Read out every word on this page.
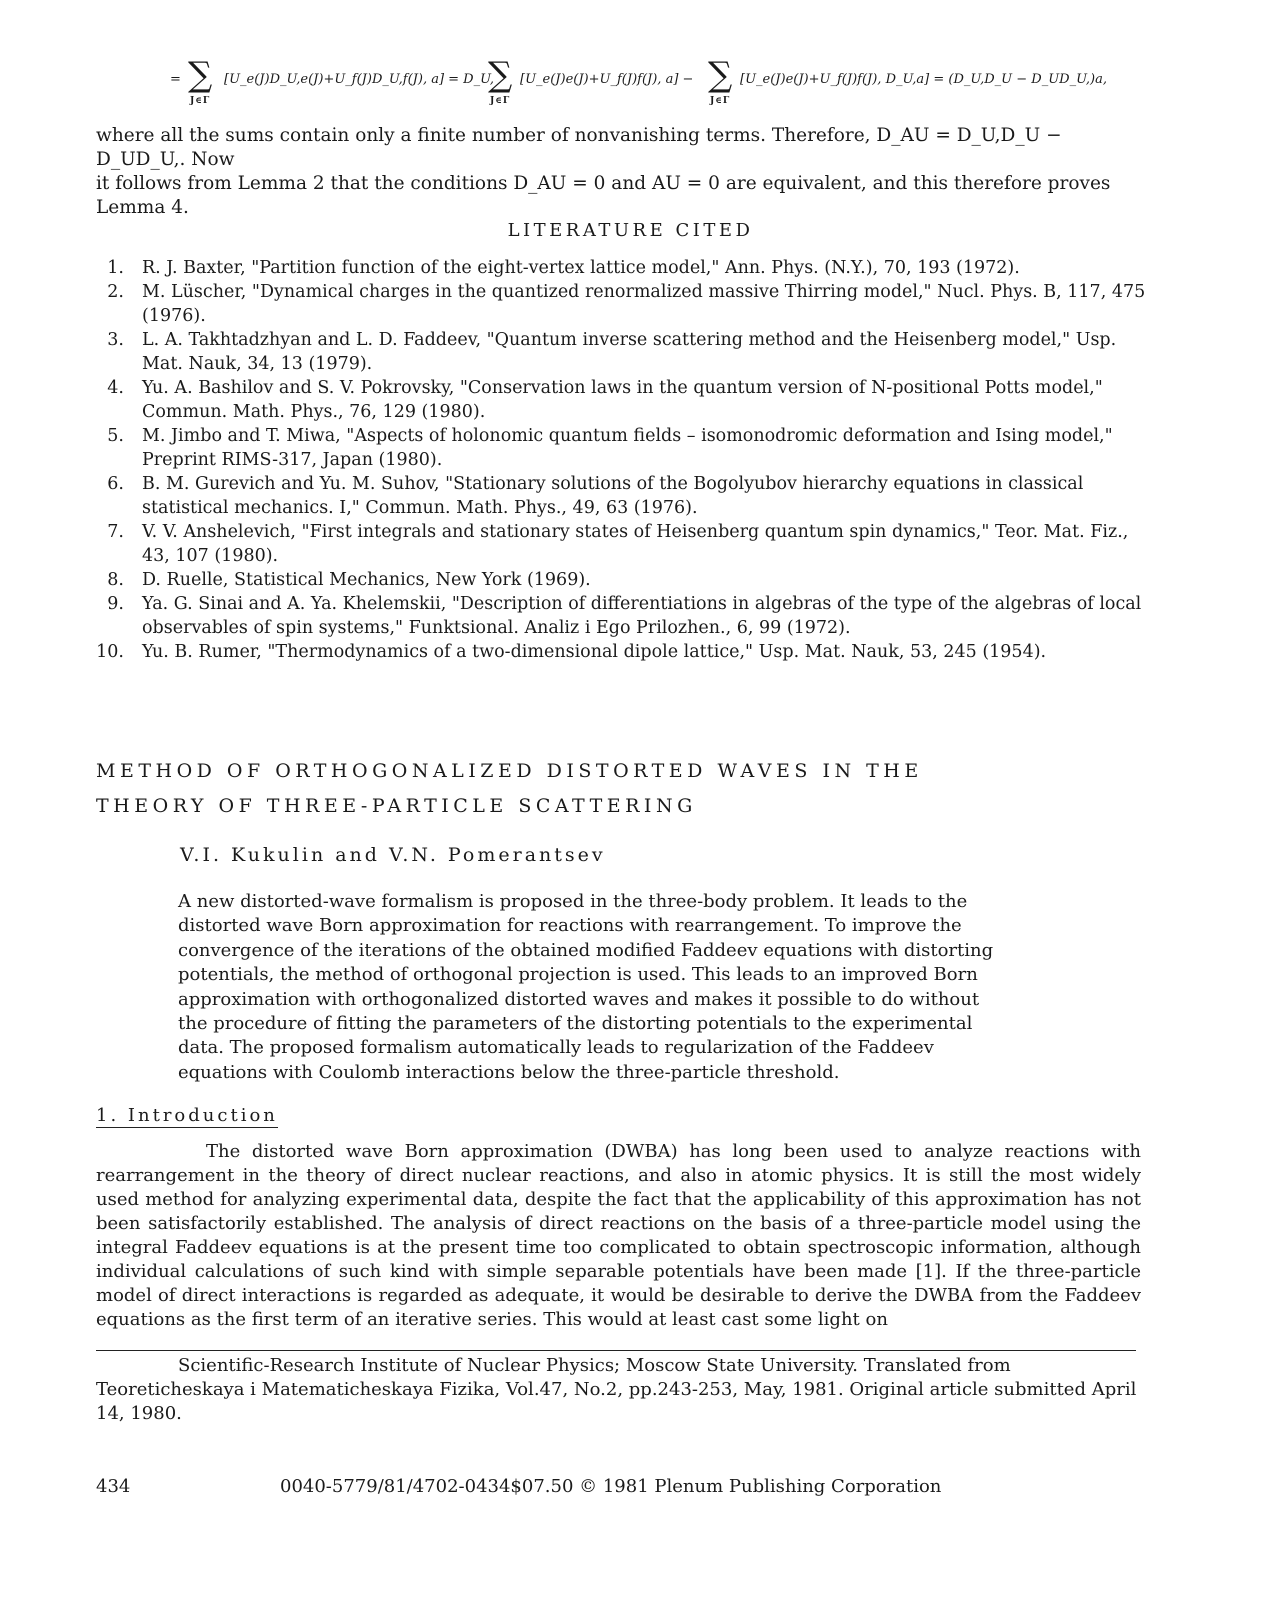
= ∑
J∈Γ
[U_e(J)D_U,e(J)+U_f(J)D_U,f(J), a] = D_U,
∑
J∈Γ
[U_e(J)e(J)+U_f(J)f(J), a] − ∑
J∈Γ
[U_e(J)e(J)+U_f(J)f(J), D_U,a] = (D_U,D_U − D_UD_U,)a,
where all the sums contain only a finite number of nonvanishing terms. Therefore, D_AU = D_U,D_U − D_UD_U,. Now
it follows from Lemma 2 that the conditions D_AU = 0 and AU = 0 are equivalent, and this therefore proves
Lemma 4.
LITERATURE CITED
1. R. J. Baxter, "Partition function of the eight-vertex lattice model," Ann. Phys. (N.Y.), 70, 193 (1972).
2. M. Lüscher, "Dynamical charges in the quantized renormalized massive Thirring model," Nucl. Phys. B, 117, 475 (1976).
3. L. A. Takhtadzhyan and L. D. Faddeev, "Quantum inverse scattering method and the Heisenberg model," Usp. Mat. Nauk, 34, 13 (1979).
4. Yu. A. Bashilov and S. V. Pokrovsky, "Conservation laws in the quantum version of N-positional Potts model," Commun. Math. Phys., 76, 129 (1980).
5. M. Jimbo and T. Miwa, "Aspects of holonomic quantum fields – isomonodromic deformation and Ising model," Preprint RIMS-317, Japan (1980).
6. B. M. Gurevich and Yu. M. Suhov, "Stationary solutions of the Bogolyubov hierarchy equations in classical statistical mechanics. I," Commun. Math. Phys., 49, 63 (1976).
7. V. V. Anshelevich, "First integrals and stationary states of Heisenberg quantum spin dynamics," Teor. Mat. Fiz., 43, 107 (1980).
8. D. Ruelle, Statistical Mechanics, New York (1969).
9. Ya. G. Sinai and A. Ya. Khelemskii, "Description of differentiations in algebras of the type of the algebras of local observables of spin systems," Funktsional. Analiz i Ego Prilozhen., 6, 99 (1972).
10. Yu. B. Rumer, "Thermodynamics of a two-dimensional dipole lattice," Usp. Mat. Nauk, 53, 245 (1954).
METHOD OF ORTHOGONALIZED DISTORTED WAVES IN THE
THEORY OF THREE-PARTICLE SCATTERING
V.I. Kukulin and V.N. Pomerantsev
A new distorted-wave formalism is proposed in the three-body problem. It leads to the distorted wave Born approximation for reactions with rearrangement. To improve the convergence of the iterations of the obtained modified Faddeev equations with distorting potentials, the method of orthogonal projection is used. This leads to an improved Born approximation with orthogonalized distorted waves and makes it possible to do without the procedure of fitting the parameters of the distorting potentials to the experimental data. The proposed formalism automatically leads to regularization of the Faddeev equations with Coulomb interactions below the three-particle threshold.
1. Introduction

The distorted wave Born approximation (DWBA) has long been used to analyze reactions with rearrangement in the theory of direct nuclear reactions, and also in atomic physics. It is still the most widely used method for analyzing experimental data, despite the fact that the applicability of this approximation has not been satisfactorily established. The analysis of direct reactions on the basis of a three-particle model using the integral Faddeev equations is at the present time too complicated to obtain spectroscopic information, although individual calculations of such kind with simple separable potentials have been made [1]. If the three-particle model of direct interactions is regarded as adequate, it would be desirable to derive the DWBA from the Faddeev equations as the first term of an iterative series. This would at least cast some light on

Scientific-Research Institute of Nuclear Physics; Moscow State University. Translated from Teoreticheskaya i Matematicheskaya Fizika, Vol.47, No.2, pp.243-253, May, 1981. Original article submitted April 14, 1980.

434	0040-5779/81/4702-0434$07.50 © 1981 Plenum Publishing Corporation
